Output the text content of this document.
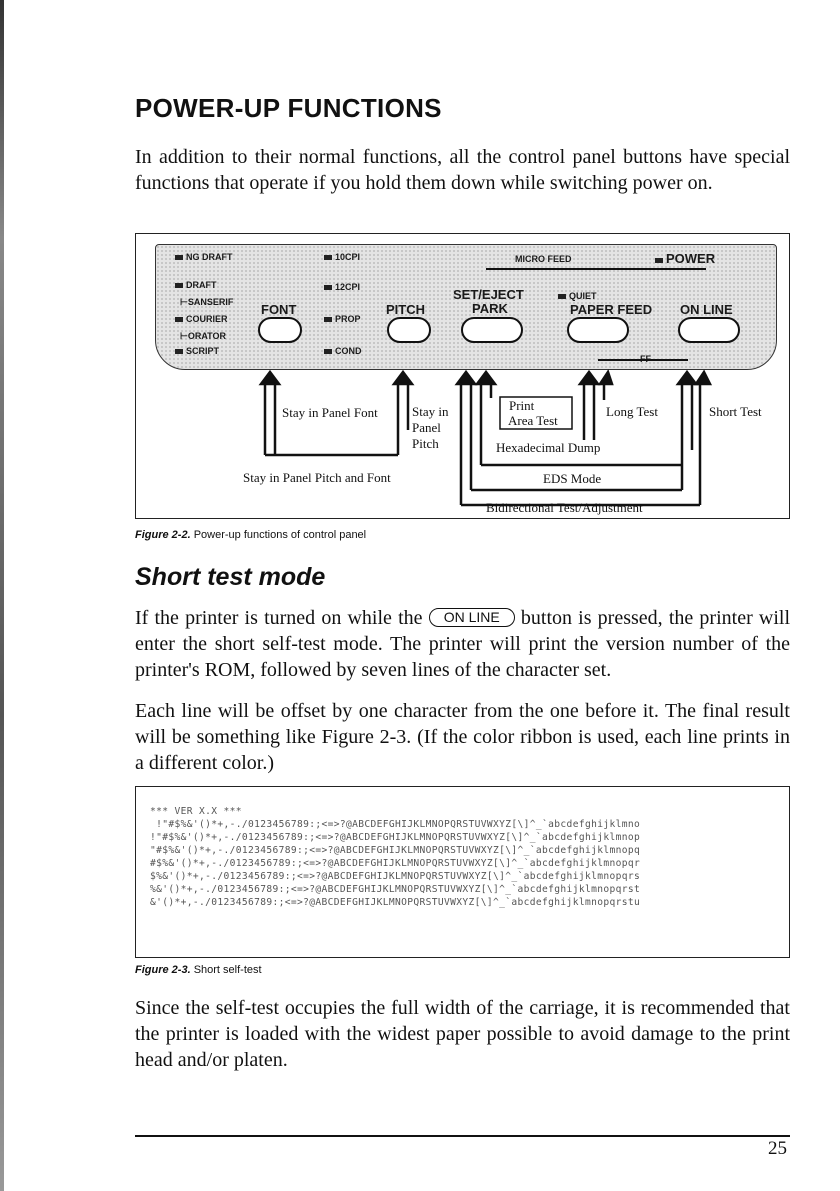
POWER-UP FUNCTIONS
In addition to their normal functions, all the control panel buttons have special functions that operate if you hold them down while switching power on.
NG DRAFT
DRAFT
⊢SANSERIF
COURIER
⊢ORATOR
SCRIPT
10CPI
12CPI
PROP
COND
MICRO FEED	POWER
QUIET
FONT	PITCH
SET/EJECT
PARK	PAPER FEED ON LINE
Stay in Panel Font	Stay in Panel Pitch
Stay in Panel Pitch and Font
Print
Area Test
Long Test	Short Test
Hexadecimal Dump
EDS Mode
Bidirectional Test/Adjustment
Figure 2-2. Power-up functions of control panel
Short test mode
If the printer is turned on while the ON LINE button is pressed, the printer will enter the short self-test mode. The printer will print the version number of the printer's ROM, followed by seven lines of the character set.
Each line will be offset by one character from the one before it. The final result will be something like Figure 2-3. (If the color ribbon is used, each line prints in a different color.)
*** VER X.X ***
!"#$%&'()*+,-./0123456789:;<=>?@ABCDEFGHIJKLMNOPQRSTUVWXYZ[\]^_`abcdefghijklmno
!"#$%&'()*+,-./0123456789:;<=>?@ABCDEFGHIJKLMNOPQRSTUVWXYZ[\]^_`abcdefghijklmnop
"#$%&'()*+,-./0123456789:;<=>?@ABCDEFGHIJKLMNOPQRSTUVWXYZ[\]^_`abcdefghijklmnopq
#$%&'()*+,-./0123456789:;<=>?@ABCDEFGHIJKLMNOPQRSTUVWXYZ[\]^_`abcdefghijklmnopqr
$%&'()*+,-./0123456789:;<=>?@ABCDEFGHIJKLMNOPQRSTUVWXYZ[\]^_`abcdefghijklmnopqrs
%&'()*+,-./0123456789:;<=>?@ABCDEFGHIJKLMNOPQRSTUVWXYZ[\]^_`abcdefghijklmnopqrst
&'()*+,-./0123456789:;<=>?@ABCDEFGHIJKLMNOPQRSTUVWXYZ[\]^_`abcdefghijklmnopqrstu
Figure 2-3. Short self-test
Since the self-test occupies the full width of the carriage, it is recommended that the printer is loaded with the widest paper possible to avoid damage to the print head and/or platen.
25
